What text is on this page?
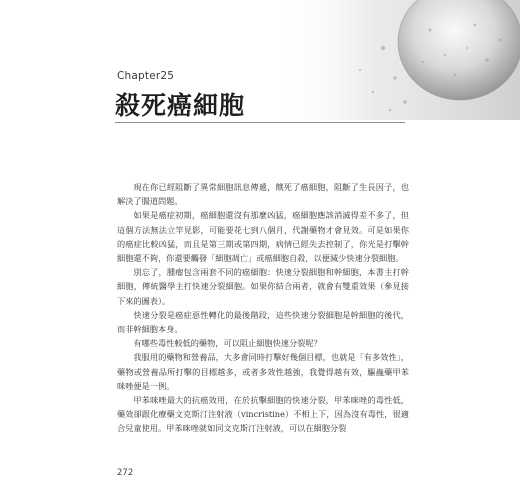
Chapter25
殺死癌細胞

現在你已經阻斷了異常細胞訊息傳遞，餓死了癌細胞，阻斷了生長因子，也解決了腸道問題。

如果是癌症初期，癌細胞還沒有那麼凶猛，癌細胞應該消滅得差不多了，但這個方法無法立竿見影，可能要花七到八個月，代謝藥物才會見效。可是如果你的癌症比較凶猛，而且是第三期或第四期，病情已經失去控制了，你光是打擊幹細胞還不夠，你還要觸發「細胞凋亡」或癌細胞自殺，以便減少快速分裂細胞。

別忘了，腫瘤包含兩套不同的癌細胞：快速分裂細胞和幹細胞，本書主打幹細胞，傳統醫學主打快速分裂細胞。如果你結合兩者，就會有雙重效果（參見接下來的圖表）。

快速分裂是癌症惡性轉化的最後階段，這些快速分裂細胞是幹細胞的後代，而非幹細胞本身。

有哪些毒性較低的藥物，可以阻止細胞快速分裂呢？

我服用的藥物和營養品，大多會同時打擊好幾個目標，也就是「有多效性」，藥物或營養品所打擊的目標越多，或者多效性越強，我覺得越有效，驅蟲藥甲苯咪唑便是一例。

甲苯咪唑最大的抗癌效用，在於抗擊細胞的快速分裂，甲苯咪唑的毒性低，藥效卻跟化療藥文克斯汀注射液（vincristine）不相上下，因為沒有毒性，很適合兒童使用。甲苯咪唑就如同文克斯汀注射液，可以在細胞分裂

272
